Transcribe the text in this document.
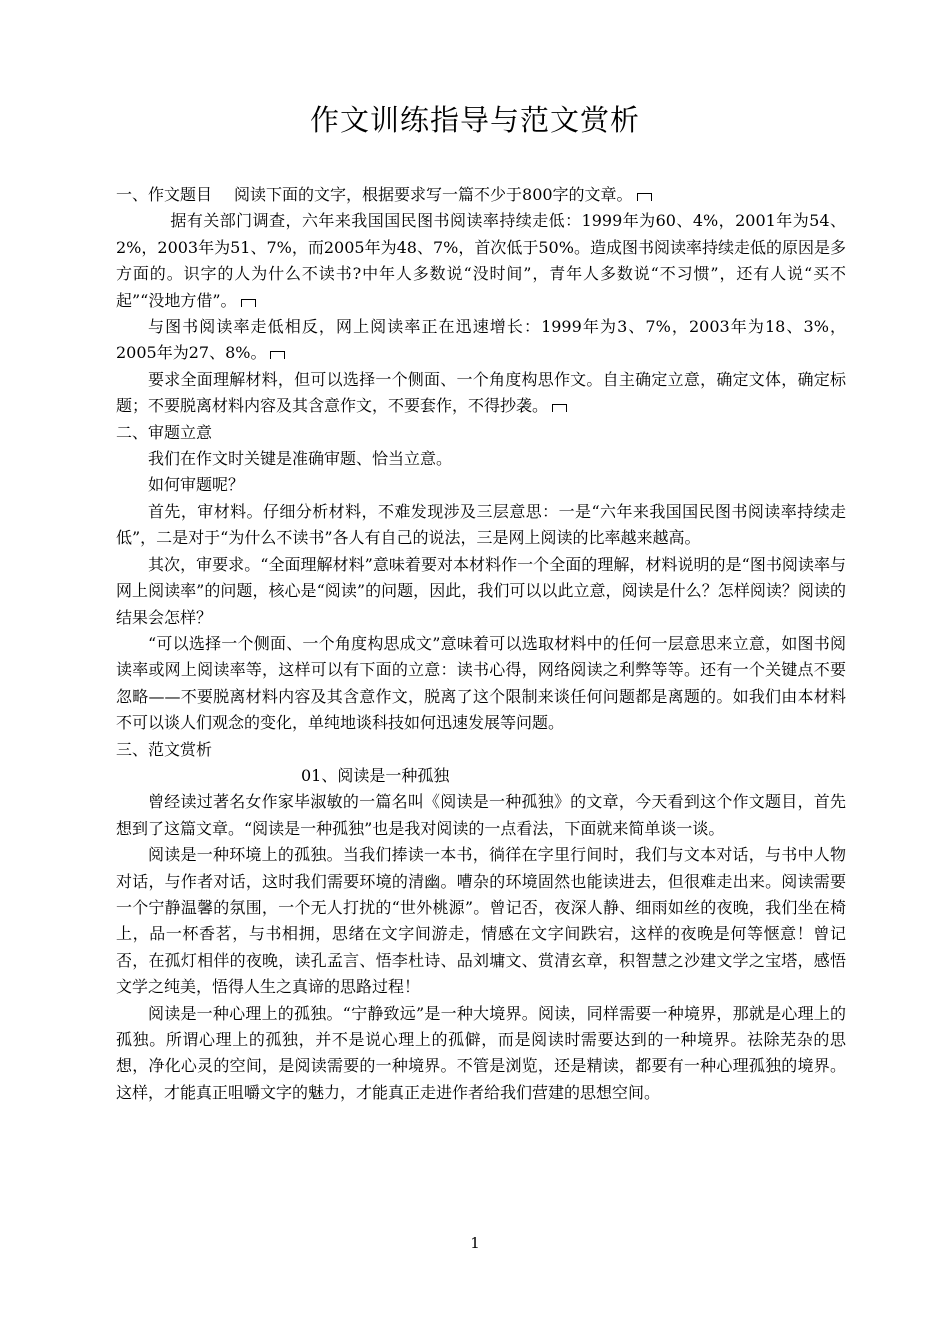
作文训练指导与范文赏析

一、作文题目 阅读下面的文字，根据要求写一篇不少于800字的文章。

据有关部门调查，六年来我国国民图书阅读率持续走低：1999年为60、4%，2001年为54、2%，2003年为51、7%，而2005年为48、7%，首次低于50%。造成图书阅读率持续走低的原因是多方面的。识字的人为什么不读书?中年人多数说“没时间”，青年人多数说“不习惯”，还有人说“买不起”“没地方借”。

与图书阅读率走低相反，网上阅读率正在迅速增长：1999年为3、7%，2003年为18、3%，2005年为27、8%。

要求全面理解材料，但可以选择一个侧面、一个角度构思作文。自主确定立意，确定文体，确定标题；不要脱离材料内容及其含意作文，不要套作，不得抄袭。

二、审题立意

我们在作文时关键是准确审题、恰当立意。

如何审题呢？

首先，审材料。仔细分析材料，不难发现涉及三层意思：一是“六年来我国国民图书阅读率持续走低”，二是对于“为什么不读书”各人有自己的说法，三是网上阅读的比率越来越高。

其次，审要求。“全面理解材料”意味着要对本材料作一个全面的理解，材料说明的是“图书阅读率与网上阅读率”的问题，核心是“阅读”的问题，因此，我们可以以此立意，阅读是什么？怎样阅读？阅读的结果会怎样？

“可以选择一个侧面、一个角度构思成文”意味着可以选取材料中的任何一层意思来立意，如图书阅读率或网上阅读率等，这样可以有下面的立意：读书心得，网络阅读之利弊等等。还有一个关键点不要忽略——不要脱离材料内容及其含意作文，脱离了这个限制来谈任何问题都是离题的。如我们由本材料不可以谈人们观念的变化，单纯地谈科技如何迅速发展等问题。

三、范文赏析

01、阅读是一种孤独

曾经读过著名女作家毕淑敏的一篇名叫《阅读是一种孤独》的文章，今天看到这个作文题目，首先想到了这篇文章。“阅读是一种孤独”也是我对阅读的一点看法，下面就来简单谈一谈。

阅读是一种环境上的孤独。当我们捧读一本书，徜徉在字里行间时，我们与文本对话，与书中人物对话，与作者对话，这时我们需要环境的清幽。嘈杂的环境固然也能读进去，但很难走出来。阅读需要一个宁静温馨的氛围，一个无人打扰的“世外桃源”。曾记否，夜深人静、细雨如丝的夜晚，我们坐在椅上，品一杯香茗，与书相拥，思绪在文字间游走，情感在文字间跌宕，这样的夜晚是何等惬意！曾记否，在孤灯相伴的夜晚，读孔孟言、悟李杜诗、品刘墉文、赏清玄章，积智慧之沙建文学之宝塔，感悟文学之纯美，悟得人生之真谛的思路过程！

阅读是一种心理上的孤独。“宁静致远”是一种大境界。阅读，同样需要一种境界，那就是心理上的孤独。所谓心理上的孤独，并不是说心理上的孤僻，而是阅读时需要达到的一种境界。祛除芜杂的思想，净化心灵的空间，是阅读需要的一种境界。不管是浏览，还是精读，都要有一种心理孤独的境界。这样，才能真正咀嚼文字的魅力，才能真正走进作者给我们营建的思想空间。

1
